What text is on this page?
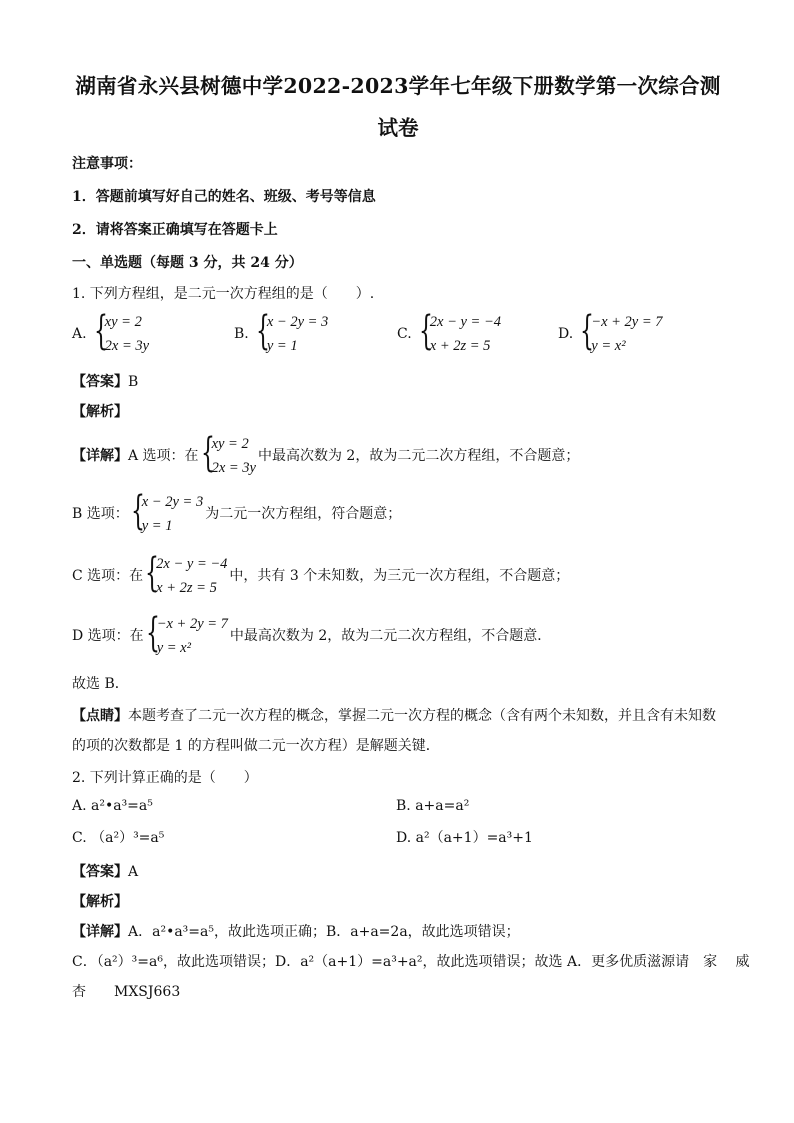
湖南省永兴县树德中学2022-2023学年七年级下册数学第一次综合测
试卷
注意事项：
1．答题前填写好自己的姓名、班级、考号等信息
2．请将答案正确填写在答题卡上
一、单选题（每题 3 分，共 24 分）
1. 下列方程组，是二元一次方程组的是（　　）.
A. {
xy = 2
2x = 3y
B. {
x − 2y = 3
y = 1
C. {
2x − y = −4
x + 2z = 5
D. {
−x + 2y = 7
y = x²
【答案】B
【解析】
【详解】 A 选项：在 {
xy = 2
2x = 3y
中最高次数为 2，故为二元二次方程组，不合题意；
B 选项： {
x − 2y = 3
y = 1
为二元一次方程组，符合题意；
C 选项：在 {
2x − y = −4
x + 2z = 5
中，共有 3 个未知数，为三元一次方程组，不合题意；
D 选项：在 {
−x + 2y = 7
y = x²
中最高次数为 2，故为二元二次方程组，不合题意．
故选 B．
【点睛】本题考查了二元一次方程的概念，掌握二元一次方程的概念（含有两个未知数，并且含有未知数
的项的次数都是 1 的方程叫做二元一次方程）是解题关键．
2. 下列计算正确的是（　　）
A. a²•a³=a⁵	B. a+a=a²
C. （a²）³=a⁵	D. a²（a+1）=a³+1
【答案】A
【解析】
【详解】A．a²•a³=a⁵，故此选项正确；B．a+a=2a，故此选项错误；
C．（a²）³=a⁶，故此选项错误；D．a²（a+1）=a³+a²，故此选项错误；故选 A．更多优质滋源请　家　 威
杏　　MXSJ663
